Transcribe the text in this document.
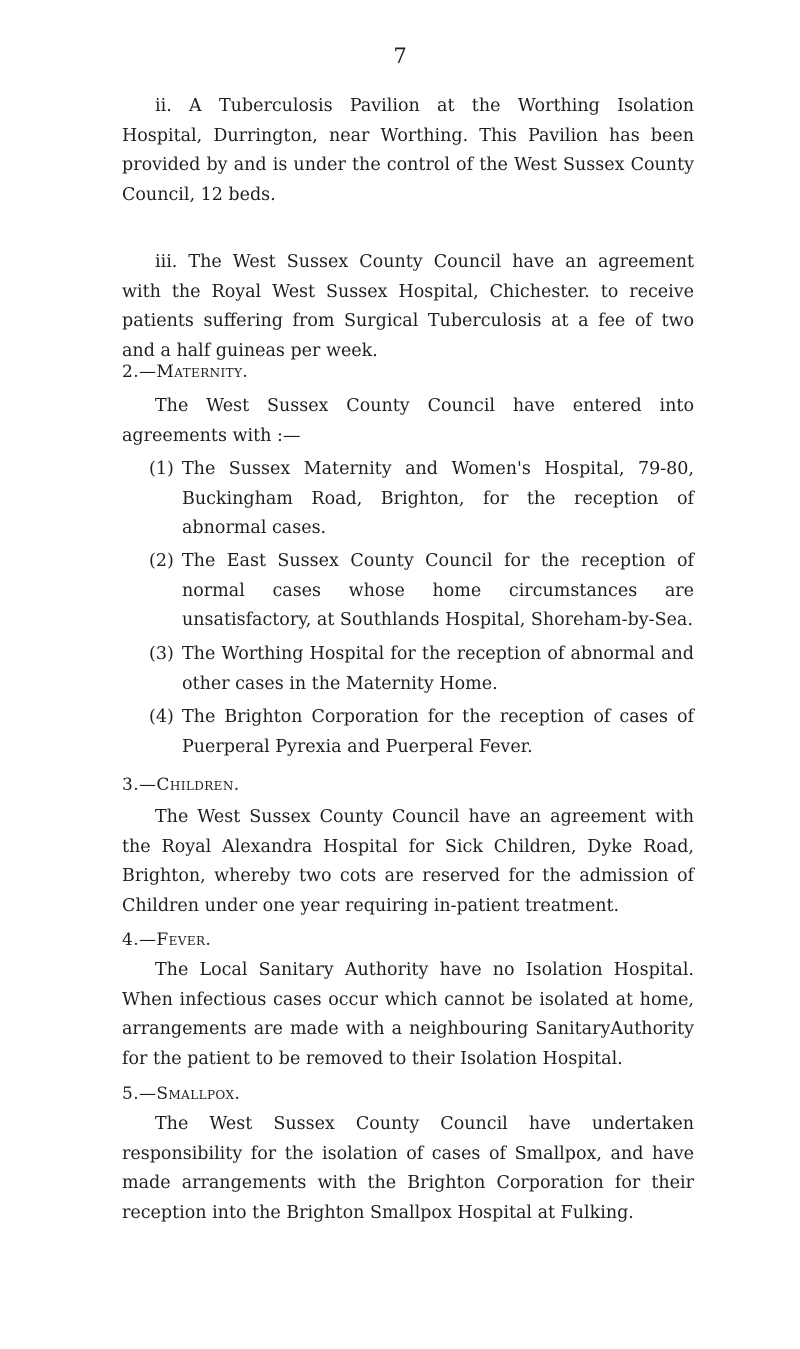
7

ii. A Tuberculosis Pavilion at the Worthing Isolation Hospital, Durrington, near Worthing. This Pavilion has been provided by and is under the control of the West Sussex County Council, 12 beds.

iii. The West Sussex County Council have an agreement with the Royal West Sussex Hospital, Chichester. to receive patients suffering from Surgical Tuberculosis at a fee of two and a half guineas per week.

2.—Maternity.

The West Sussex County Council have entered into agreements with :—

(1) The Sussex Maternity and Women's Hospital, 79-80, Buckingham Road, Brighton, for the reception of abnormal cases.
(2) The East Sussex County Council for the reception of normal cases whose home circumstances are unsatisfactory, at Southlands Hospital, Shoreham-by-Sea.
(3) The Worthing Hospital for the reception of abnormal and other cases in the Maternity Home.
(4) The Brighton Corporation for the reception of cases of Puerperal Pyrexia and Puerperal Fever.
3.—Children.

The West Sussex County Council have an agreement with the Royal Alexandra Hospital for Sick Children, Dyke Road, Brighton, whereby two cots are reserved for the admission of Children under one year requiring in-patient treatment.

4.—Fever.

The Local Sanitary Authority have no Isolation Hospital. When infectious cases occur which cannot be isolated at home, arrangements are made with a neighbouring SanitaryAuthority for the patient to be removed to their Isolation Hospital.

5.—Smallpox.

The West Sussex County Council have undertaken responsibility for the isolation of cases of Smallpox, and have made arrangements with the Brighton Corporation for their reception into the Brighton Smallpox Hospital at Fulking.
